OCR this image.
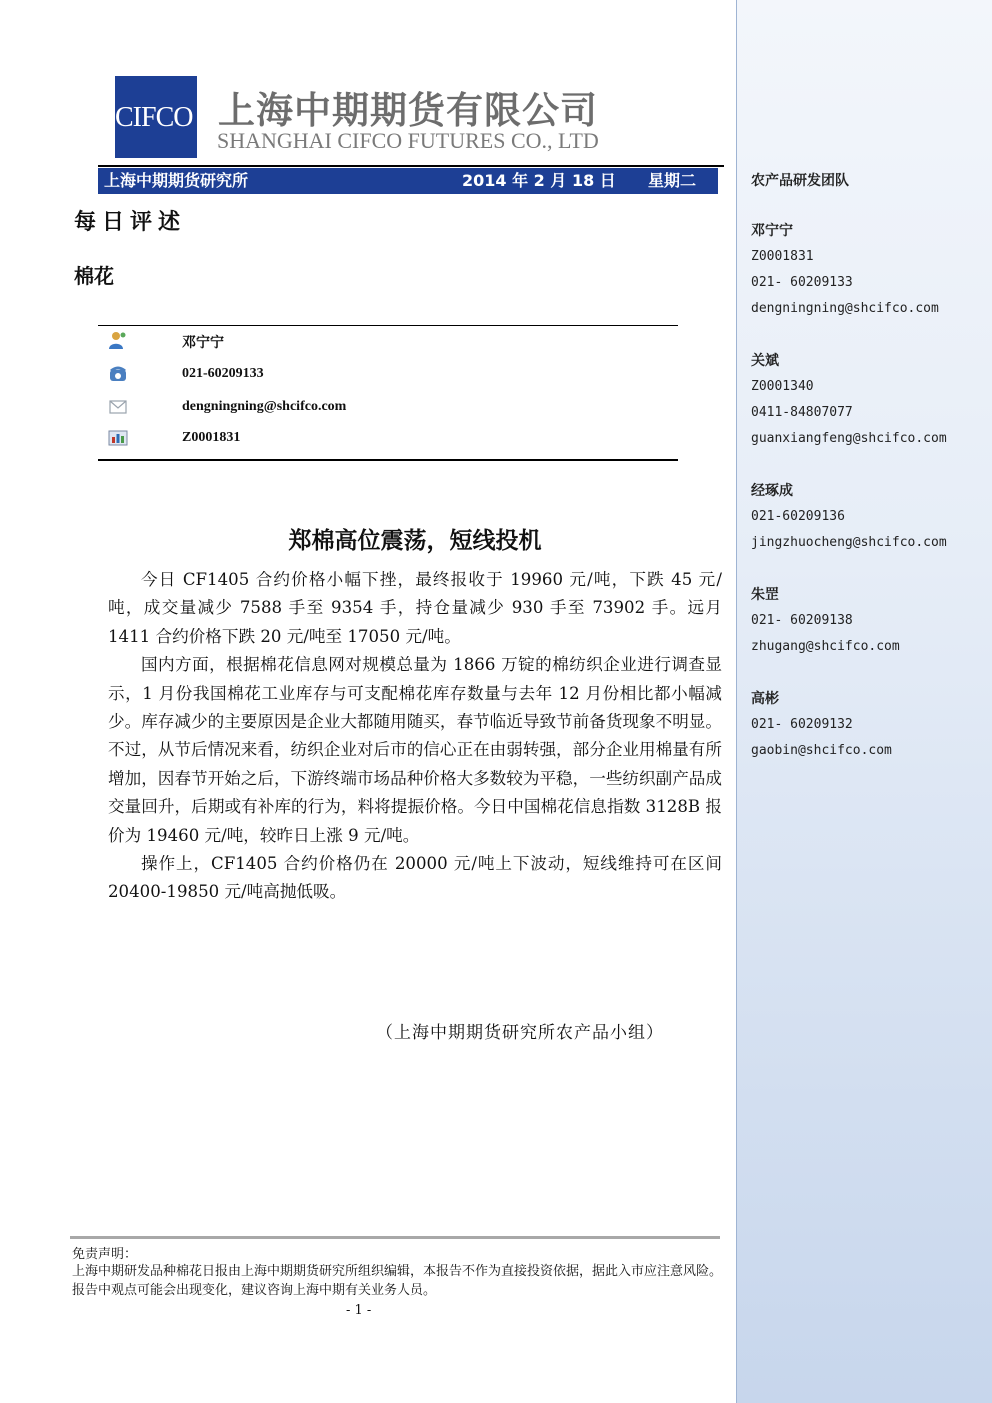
农产品研发团队
邓宁宁
Z0001831
021- 60209133
dengningning@shcifco.com
关斌
Z0001340
0411-84807077
guanxiangfeng@shcifco.com
经琢成
021-60209136
jingzhuocheng@shcifco.com
朱罡
021- 60209138
zhugang@shcifco.com
高彬
021- 60209132
gaobin@shcifco.com
CIFCO 上海中期期货有限公司
SHANGHAI CIFCO FUTURES CO., LTD
上海中期期货研究所	2014 年 2 月 18 日 星期二
每日评述
棉花
邓宁宁
021-60209133
dengningning@shcifco.com
Z0001831
郑棉高位震荡，短线投机

今日 CF1405 合约价格小幅下挫，最终报收于 19960 元/吨，下跌 45 元/吨，成交量减少 7588 手至 9354 手，持仓量减少 930 手至 73902 手。远月 1411 合约价格下跌 20 元/吨至 17050 元/吨。

国内方面，根据棉花信息网对规模总量为 1866 万锭的棉纺织企业进行调查显示，1 月份我国棉花工业库存与可支配棉花库存数量与去年 12 月份相比都小幅减少。库存减少的主要原因是企业大都随用随买，春节临近导致节前备货现象不明显。不过，从节后情况来看，纺织企业对后市的信心正在由弱转强，部分企业用棉量有所增加，因春节开始之后，下游终端市场品种价格大多数较为平稳，一些纺织副产品成交量回升，后期或有补库的行为，料将提振价格。今日中国棉花信息指数 3128B 报价为 19460 元/吨，较昨日上涨 9 元/吨。

操作上，CF1405 合约价格仍在 20000 元/吨上下波动，短线维持可在区间 20400-19850 元/吨高抛低吸。

（上海中期期货研究所农产品小组）
免责声明：
上海中期研发品种棉花日报由上海中期期货研究所组织编辑，本报告不作为直接投资依据，据此入市应注意风险。报告中观点可能会出现变化，建议咨询上海中期有关业务人员。
- 1 -
